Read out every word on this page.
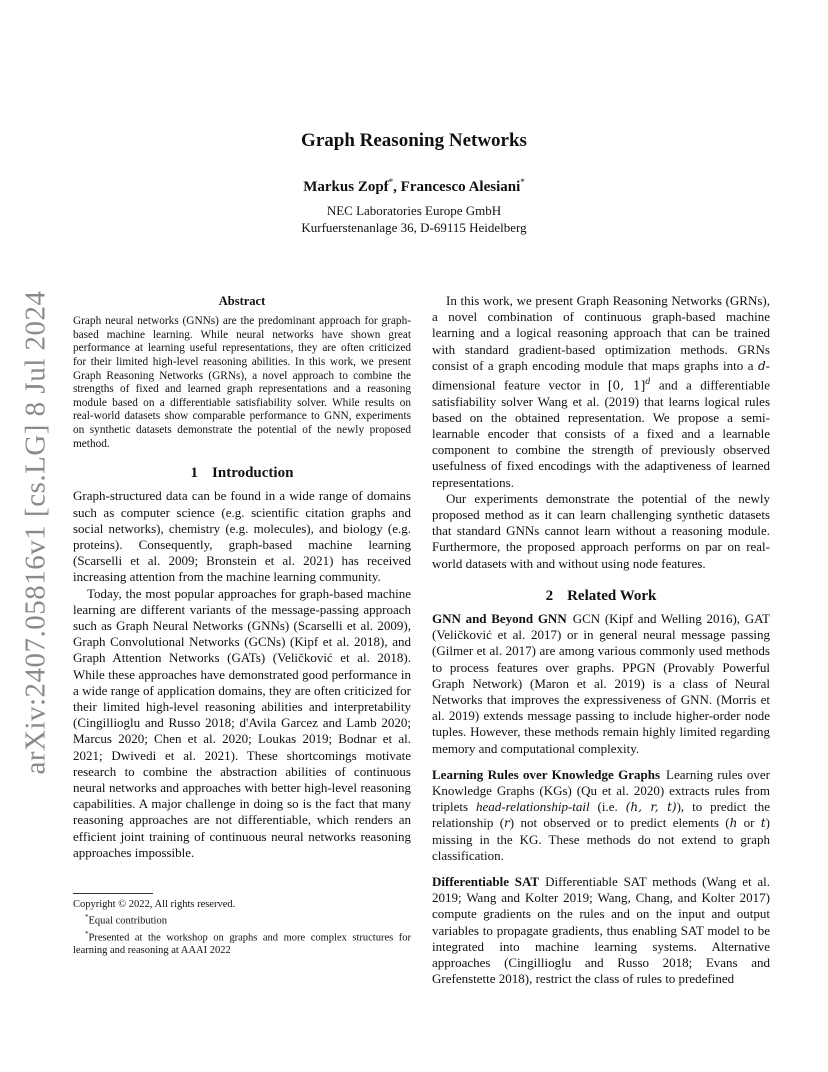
arXiv:2407.05816v1 [cs.LG] 8 Jul 2024
Graph Reasoning Networks
Markus Zopf*, Francesco Alesiani*
NEC Laboratories Europe GmbH
Kurfuerstenanlage 36, D-69115 Heidelberg
Abstract

Graph neural networks (GNNs) are the predominant approach for graph-based machine learning. While neural networks have shown great performance at learning useful representations, they are often criticized for their limited high-level reasoning abilities. In this work, we present Graph Reasoning Networks (GRNs), a novel approach to combine the strengths of fixed and learned graph representations and a reasoning module based on a differentiable satisfiability solver. While results on real-world datasets show comparable performance to GNN, experiments on synthetic datasets demonstrate the potential of the newly proposed method.

1 Introduction

Graph-structured data can be found in a wide range of domains such as computer science (e.g. scientific citation graphs and social networks), chemistry (e.g. molecules), and biology (e.g. proteins). Consequently, graph-based machine learning (Scarselli et al. 2009; Bronstein et al. 2021) has received increasing attention from the machine learning community.

Today, the most popular approaches for graph-based machine learning are different variants of the message-passing approach such as Graph Neural Networks (GNNs) (Scarselli et al. 2009), Graph Convolutional Networks (GCNs) (Kipf et al. 2018), and Graph Attention Networks (GATs) (Veličković et al. 2018). While these approaches have demonstrated good performance in a wide range of application domains, they are often criticized for their limited high-level reasoning abilities and interpretability (Cingillioglu and Russo 2018; d'Avila Garcez and Lamb 2020; Marcus 2020; Chen et al. 2020; Loukas 2019; Bodnar et al. 2021; Dwivedi et al. 2021). These shortcomings motivate research to combine the abstraction abilities of continuous neural networks and approaches with better high-level reasoning capabilities. A major challenge in doing so is the fact that many reasoning approaches are not differentiable, which renders an efficient joint training of continuous neural networks reasoning approaches impossible.

Copyright © 2022, All rights reserved.
*Equal contribution
*Presented at the workshop on graphs and more complex structures for learning and reasoning at AAAI 2022

In this work, we present Graph Reasoning Networks (GRNs), a novel combination of continuous graph-based machine learning and a logical reasoning approach that can be trained with standard gradient-based optimization methods. GRNs consist of a graph encoding module that maps graphs into a d-dimensional feature vector in [0, 1]$^d$ and a differentiable satisfiability solver Wang et al. (2019) that learns logical rules based on the obtained representation. We propose a semi-learnable encoder that consists of a fixed and a learnable component to combine the strength of previously observed usefulness of fixed encodings with the adaptiveness of learned representations.

Our experiments demonstrate the potential of the newly proposed method as it can learn challenging synthetic datasets that standard GNNs cannot learn without a reasoning module. Furthermore, the proposed approach performs on par on real-world datasets with and without using node features.

2 Related Work

GNN and Beyond GNN GCN (Kipf and Welling 2016), GAT (Veličković et al. 2017) or in general neural message passing (Gilmer et al. 2017) are among various commonly used methods to process features over graphs. PPGN (Provably Powerful Graph Network) (Maron et al. 2019) is a class of Neural Networks that improves the expressiveness of GNN. (Morris et al. 2019) extends message passing to include higher-order node tuples. However, these methods remain highly limited regarding memory and computational complexity.

Learning Rules over Knowledge Graphs Learning rules over Knowledge Graphs (KGs) (Qu et al. 2020) extracts rules from triplets head-relationship-tail (i.e. (h, r, t)), to predict the relationship (r) not observed or to predict elements (h or t) missing in the KG. These methods do not extend to graph classification.

Differentiable SAT Differentiable SAT methods (Wang et al. 2019; Wang and Kolter 2019; Wang, Chang, and Kolter 2017) compute gradients on the rules and on the input and output variables to propagate gradients, thus enabling SAT model to be integrated into machine learning systems. Alternative approaches (Cingillioglu and Russo 2018; Evans and Grefenstette 2018), restrict the class of rules to predefined
